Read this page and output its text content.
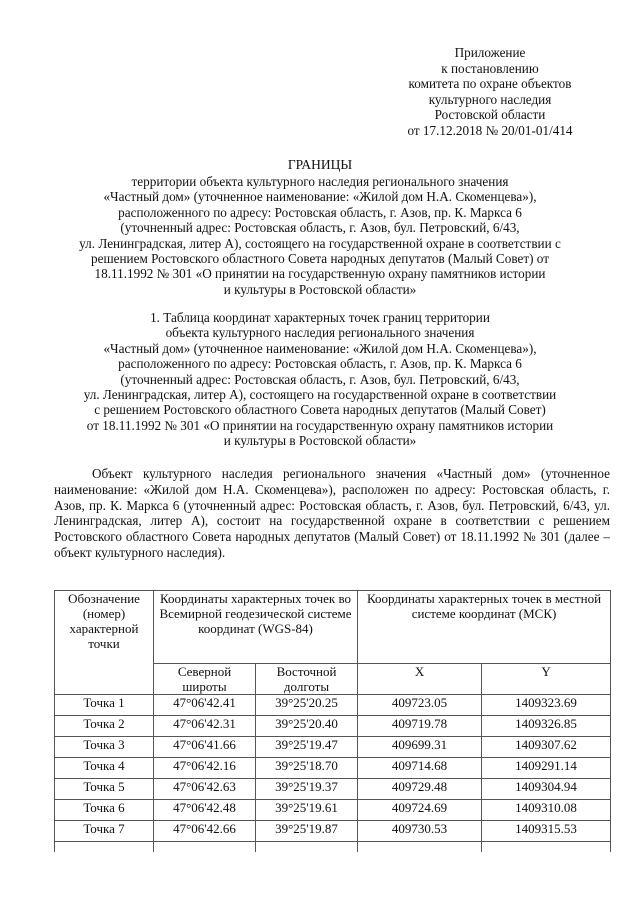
Приложение
к постановлению
комитета по охране объектов
культурного наследия
Ростовской области
от 17.12.2018 № 20/01-01/414
ГРАНИЦЫ
территории объекта культурного наследия регионального значения
«Частный дом» (уточненное наименование: «Жилой дом Н.А. Скоменцева»),
расположенного по адресу: Ростовская область, г. Азов, пр. К. Маркса 6
(уточненный адрес: Ростовская область, г. Азов, бул. Петровский, 6/43,
ул. Ленинградская, литер А), состоящего на государственной охране в соответствии с
решением Ростовского областного Совета народных депутатов (Малый Совет) от
18.11.1992 № 301 «О принятии на государственную охрану памятников истории
и культуры в Ростовской области»
1. Таблица координат характерных точек границ территории
объекта культурного наследия регионального значения
«Частный дом» (уточненное наименование: «Жилой дом Н.А. Скоменцева»),
расположенного по адресу: Ростовская область, г. Азов, пр. К. Маркса 6
(уточненный адрес: Ростовская область, г. Азов, бул. Петровский, 6/43,
ул. Ленинградская, литер А), состоящего на государственной охране в соответствии
с решением Ростовского областного Совета народных депутатов (Малый Совет)
от 18.11.1992 № 301 «О принятии на государственную охрану памятников истории
и культуры в Ростовской области»
Объект культурного наследия регионального значения «Частный дом» (уточненное наименование: «Жилой дом Н.А. Скоменцева»), расположен по адресу: Ростовская область, г. Азов, пр. К. Маркса 6 (уточненный адрес: Ростовская область, г. Азов, бул. Петровский, 6/43, ул. Ленинградская, литер А), состоит на государственной охране в соответствии с решением Ростовского областного Совета народных депутатов (Малый Совет) от 18.11.1992 № 301 (далее – объект культурного наследия).
Обозначение (номер) характерной точки	Координаты характерных точек во Всемирной геодезической системе координат (WGS-84)		Координаты характерных точек в местной системе координат (МСК)	
	Северной широты	Восточной долготы	X	Y
Точка 1	47°06'42.41	39°25'20.25	409723.05	1409323.69
Точка 2	47°06'42.31	39°25'20.40	409719.78	1409326.85
Точка 3	47°06'41.66	39°25'19.47	409699.31	1409307.62
Точка 4	47°06'42.16	39°25'18.70	409714.68	1409291.14
Точка 5	47°06'42.63	39°25'19.37	409729.48	1409304.94
Точка 6	47°06'42.48	39°25'19.61	409724.69	1409310.08
Точка 7	47°06'42.66	39°25'19.87	409730.53	1409315.53
